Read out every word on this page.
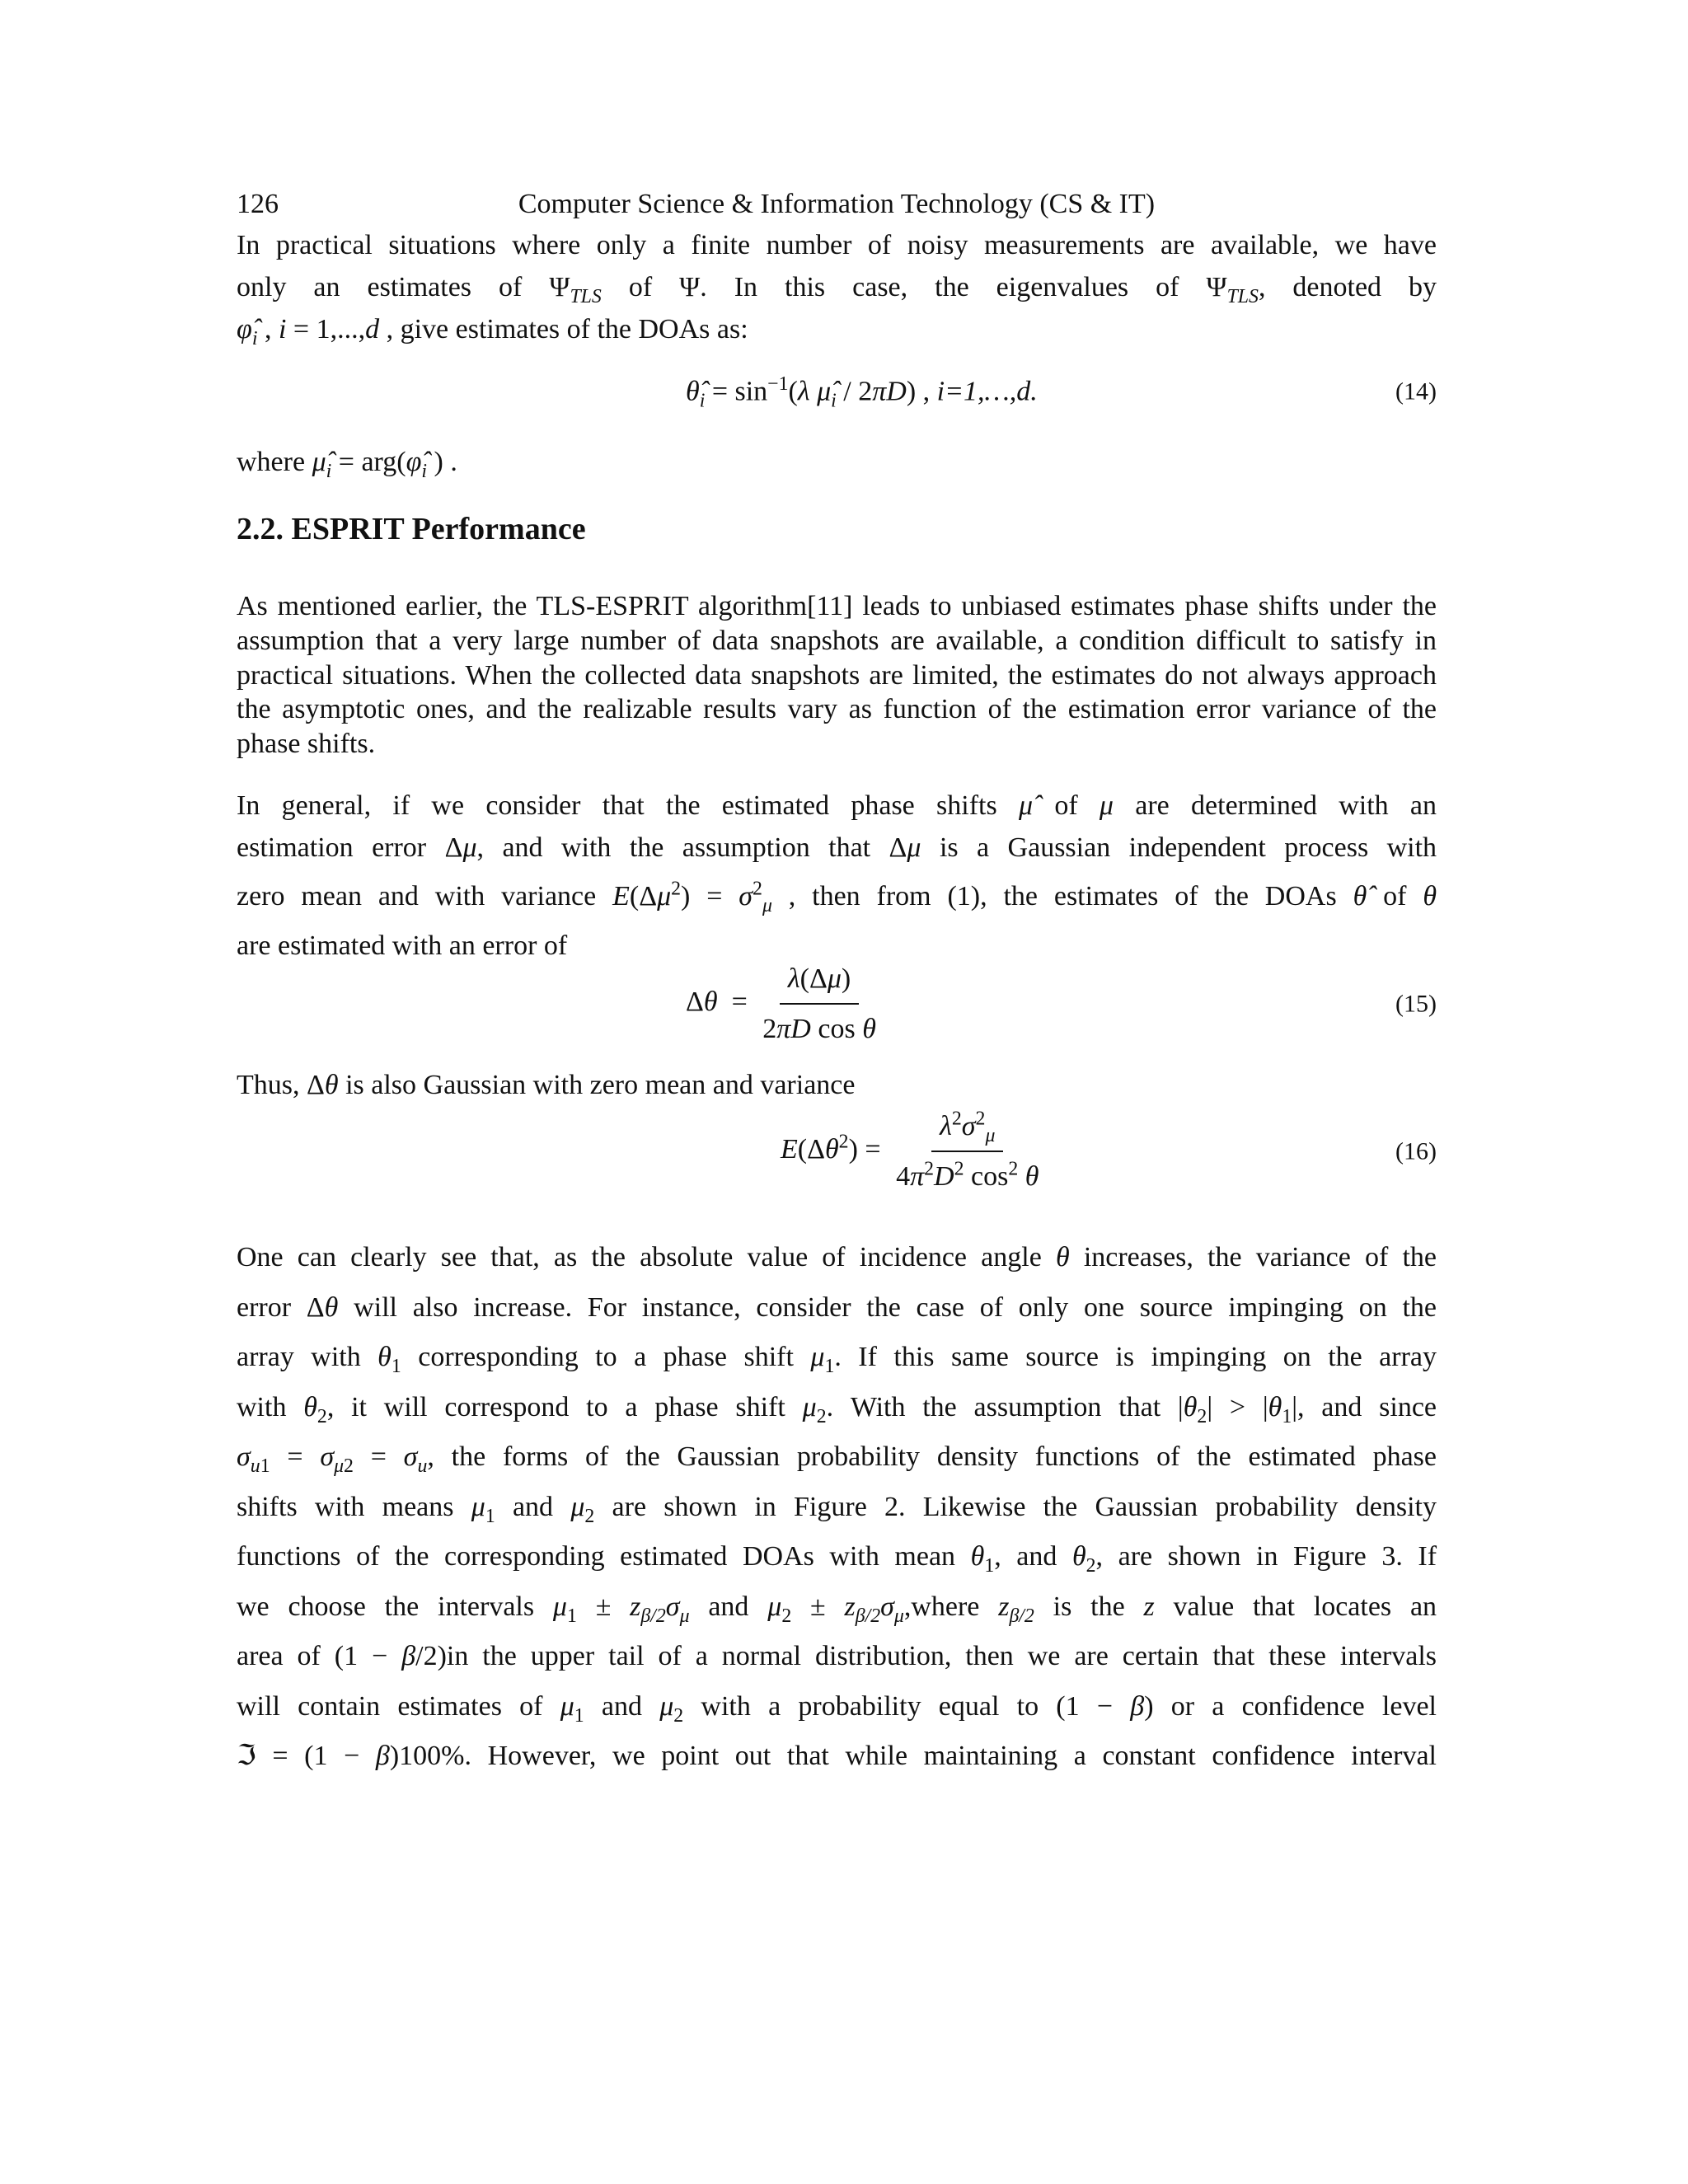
126	Computer Science & Information Technology (CS & IT)

In practical situations where only a finite number of noisy measurements are available, we have

only an estimates of $\Psi_{TLS}$ of Ψ. In this case, the eigenvalues of $\Psi_{TLS}$, denoted by

$\varphî_i$ , i = 1,...,d , give estimates of the DOAs as:

$\thetâ_i = \sin^{-1}(\lambda$ $\mû_i / 2\pi D$) , i=1,…,d.	(14)

where $\mû_i$ = $arg(\varphî_i$ ) .

2.2. ESPRIT Performance

As mentioned earlier, the TLS-ESPRIT algorithm[11] leads to unbiased estimates phase shifts under the assumption that a very large number of data snapshots are available, a condition difficult to satisfy in practical situations. When the collected data snapshots are limited, the estimates do not always approach the asymptotic ones, and the realizable results vary as function of the estimation error variance of the phase shifts.

In general, if we consider that the estimated phase shifts μ̂ of μ are determined with an

estimation error Δμ, and with the assumption that Δμ is a Gaussian independent process with

zero mean and with variance $E(\Delta\mu^2) = \sigma^2_\mu$ , then from (1), the estimates of the DOAs θ̂ of θ

are estimated with an error of

$\Delta\theta = \frac{\lambda(\Delta\mu)}{\text{2πD cos θ}}$	(15)

Thus, Δθ is also Gaussian with zero mean and variance

$E(\Delta\theta^2) = \frac{\lambda^2\sigma^2_\mu}{4\pi^2D^2 \cos^2 \theta}$	(16)

One can clearly see that, as the absolute value of incidence angle θ increases, the variance of the

error Δθ will also increase. For instance, consider the case of only one source impinging on the

array with $\theta_1$ corresponding to a phase shift $\mu_1$. If this same source is impinging on the array

with $\theta_2$, it will correspond to a phase shift $\mu_2$. With the assumption that $|\theta_2| > |\theta_1|$, and since

$\sigma_{u1} = \sigma_{\mu 2} = \sigma_u$, the forms of the Gaussian probability density functions of the estimated phase

shifts with means $\mu_1$ and $\mu_2$ are shown in Figure 2. Likewise the Gaussian probability density

functions of the corresponding estimated DOAs with mean $\theta_1$, and $\theta_2$, are shown in Figure 3. If

we choose the intervals $\mu_1 \pm z_{\beta/2}\sigma_\mu$ and $\mu_2$ ± $z_{\beta/2}\sigma_\mu,where$ $z_{\beta/2}$ is the z value that locates an

area of (1 − β/2)in the upper tail of a normal distribution, then we are certain that these intervals

will contain estimates of $\mu_1$ and $\mu_2$ with a probability equal to (1 − β) or a confidence level

ℑ = (1 − β)100%. However, we point out that while maintaining a constant confidence interval
